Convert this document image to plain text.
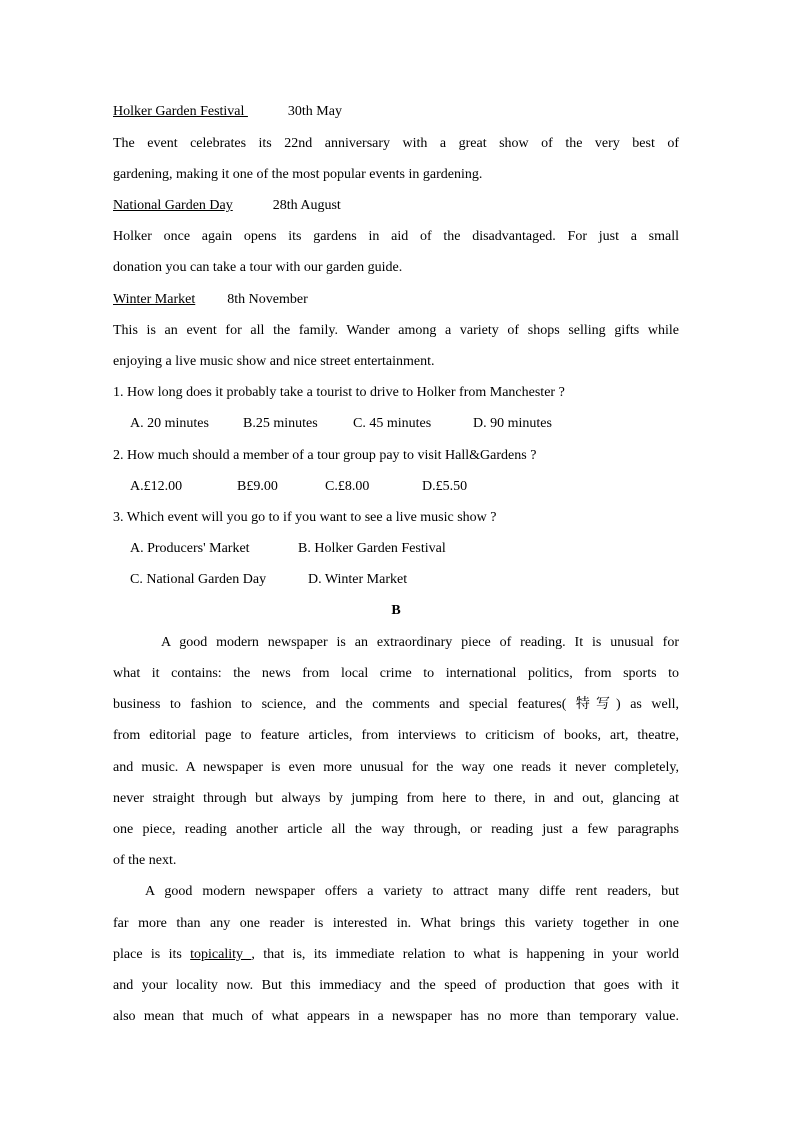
Holker Garden Festival	30th May
The event celebrates its 22nd anniversary with a great show of the very best of
gardening, making it one of the most popular events in gardening.
National Garden Day	28th August
Holker once again opens its gardens in aid of the disadvantaged. For just a small
donation you can take a tour with our garden guide.
Winter Market 8th November
This is an event for all the family. Wander among a variety of shops selling gifts while
enjoying a live music show and nice street entertainment.
1. How long does it probably take a tourist to drive to Holker from Manchester ?
A. 20 minutes B.25 minutes	C. 45 minutes	D. 90 minutes
2. How much should a member of a tour group pay to visit Hall&Gardens ?
A.£12.00	B£9.00	C.£8.00	D.£5.50
3. Which event will you go to if you want to see a live music show ?
A. Producers' Market	B. Holker Garden Festival
C. National Garden Day	D. Winter Market
B
A good modern newspaper is an extraordinary piece of reading. It is unusual for
what it contains: the news from local crime to international politics, from sports to
business to fashion to science, and the comments and special features( 特写) as well,
from editorial page to feature articles, from interviews to criticism of books, art, theatre,
and music. A newspaper is even more unusual for the way one reads it never completely,
never straight through but always by jumping from here to there, in and out, glancing at
one piece, reading another article all the way through, or reading just a few paragraphs
of the next.
A good modern newspaper offers a variety to attract many diffe rent readers, but
far more than any one reader is interested in. What brings this variety together in one
place is its topicality , that is, its immediate relation to what is happening in your world
and your locality now. But this immediacy and the speed of production that goes with it
also mean that much of what appears in a newspaper has no more than temporary value.
